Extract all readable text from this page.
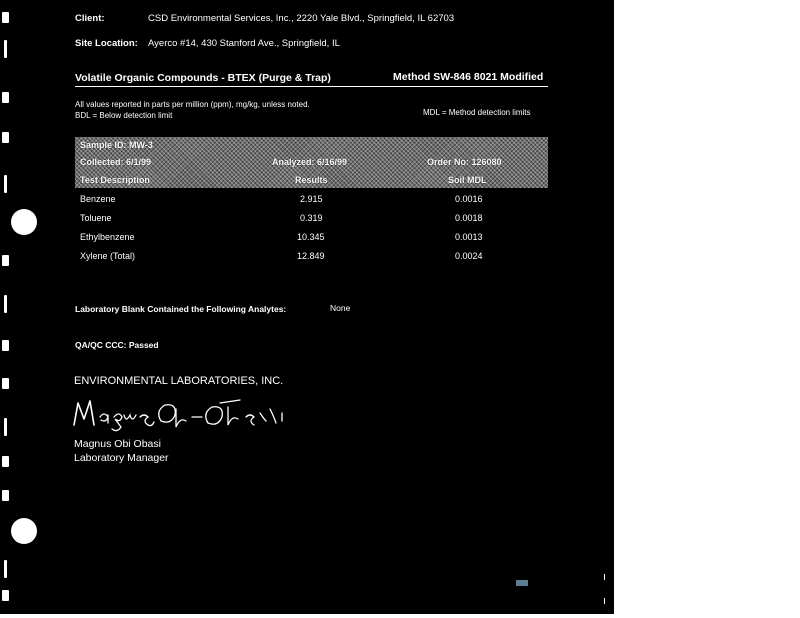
Client:	CSD Environmental Services, Inc., 2220 Yale Blvd., Springfield, IL 62703
Site Location: Ayerco #14, 430 Stanford Ave., Springfield, IL
Volatile Organic Compounds - BTEX (Purge & Trap)	Method SW-846 8021 Modified
All values reported in parts per million (ppm), mg/kg, unless noted.
BDL = Below detection limit	MDL = Method detection limits
Sample ID: MW-3
Collected: 6/1/99	Analyzed: 6/16/99	Order No: 126080
Test Description	Results	Soil MDL
Benzene	2.915	0.0016
Toluene	0.319	0.0018
Ethylbenzene	10.345	0.0013
Xylene (Total)	12.849	0.0024
Laboratory Blank Contained the Following Analytes:	None
QA/QC CCC: Passed
ENVIRONMENTAL LABORATORIES, INC.
Magnus Obi Obasi
Laboratory Manager
